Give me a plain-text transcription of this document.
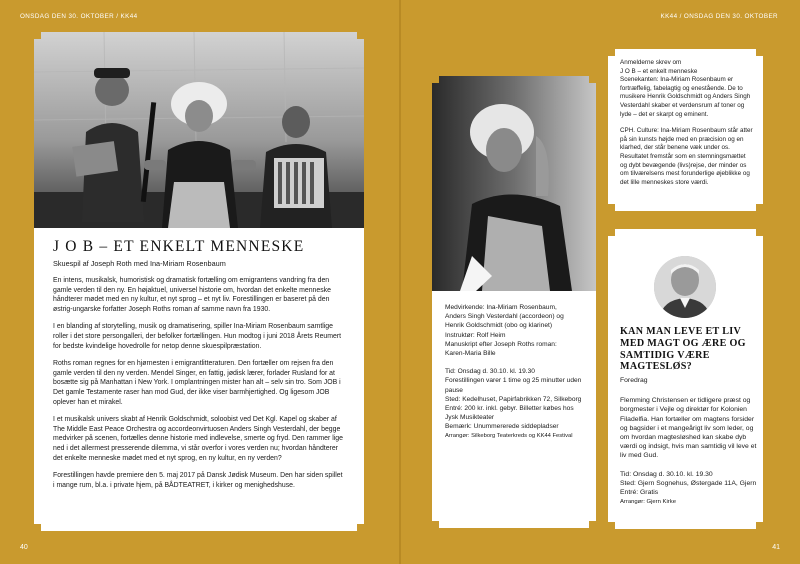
ONSDAG DEN 30. OKTOBER / KK44	KK44 / ONSDAG DEN 30. OKTOBER
J O B – ET ENKELT MENNESKE
Skuespil af Joseph Roth med Ina-Miriam Rosenbaum

En intens, musikalsk, humoristisk og dramatisk fortælling om emigrantens vandring fra den gamle verden til den ny. En højaktuel, universel historie om, hvordan det enkelte menneske håndterer mødet med en ny kultur, et nyt sprog – et nyt liv. Forestillingen er baseret på den østrig-ungarske forfatter Joseph Roths roman af samme navn fra 1930.

I en blanding af storytelling, musik og dramatisering, spiller Ina-Miriam Rosenbaum samtlige roller i det store persongalleri, der befolker fortællingen. Hun modtog i juni 2018 Årets Reumert for bedste kvindelige hovedrolle for netop denne skuespilpræstation.

Roths roman regnes for en hjørnesten i emigrantlitteraturen. Den fortæller om rejsen fra den gamle verden til den ny verden. Mendel Singer, en fattig, jødisk lærer, forlader Rusland for at bosætte sig på Manhattan i New York. I omplantningen mister han alt – selv sin tro. Som JOB i Det gamle Testamente raser han mod Gud, der ikke viser barmhjertighed. Og ligesom JOB oplever han et mirakel.

I et musikalsk univers skabt af Henrik Goldschmidt, soloobist ved Det Kgl. Kapel og skaber af The Middle East Peace Orchestra og accordeonvirtuosen Anders Singh Vesterdahl, der begge medvirker på scenen, fortælles denne historie med indlevelse, smerte og fryd. Den rammer lige ned i det allermest presserende dilemma, vi står overfor i vores verden nu; hvordan håndterer det enkelte menneske mødet med et nyt sprog, en ny kultur, en ny verden?

Forestillingen havde premiere den 5. maj 2017 på Dansk Jødisk Museum. Den har siden spillet i mange rum, bl.a. i private hjem, på BÅDTEATRET, i kirker og menighedshuse.

Medvirkende: Ina-Miriam Rosenbaum,
Anders Singh Vesterdahl (accordeon) og
Henrik Goldschmidt (obo og klarinet)
Instruktør: Rolf Heim
Manuskript efter Joseph Roths roman:
Karen-Maria Bille
Tid: Onsdag d. 30.10. kl. 19.30
Forestillingen varer 1 time og 25 minutter uden pause
Sted: Kedelhuset, Papirfabrikken 72, Silkeborg
Entré: 200 kr. inkl. gebyr. Billetter købes hos Jysk Musikteater
Bemærk: Unummererede siddepladser
Arrangør: Silkeborg Teaterkreds og KK44 Festival
Anmelderne skrev om
J O B – et enkelt menneske
Scenekanten: Ina-Miriam Rosenbaum er fortræffelig, fabelagtig og enestående. De to musikere Henrik Goldschmidt og Anders Singh Vesterdahl skaber et verdensrum af toner og lyde – det er skarpt og eminent.
CPH. Culture: Ina-Miriam Rosenbaum står atter på sin kunsts højde med en præcision og en klarhed, der står benene væk under os. Resultatet fremstår som en stemningsmættet og dybt bevægende (livs)rejse, der minder os om tilværelsens mest forunderlige øjeblikke og det lille menneskes store værdi.
KAN MAN LEVE ET LIV MED MAGT OG ÆRE OG SAMTIDIG VÆRE MAGTESLØS?
Foredrag

Flemming Christensen er tidligere præst og borgmester i Vejle og direktør for Kolonien Filadelfia. Han fortæller om magtens forsider og bagsider i et mangeårigt liv som leder, og om hvordan magtesløshed kan skabe dyb værdi og indsigt, hvis man samtidig vil leve et liv med Gud.

Tid: Onsdag d. 30.10. kl. 19.30
Sted: Gjern Sognehus, Østergade 11A, Gjern
Entré: Gratis
Arrangør: Gjern Kirke
40	41
